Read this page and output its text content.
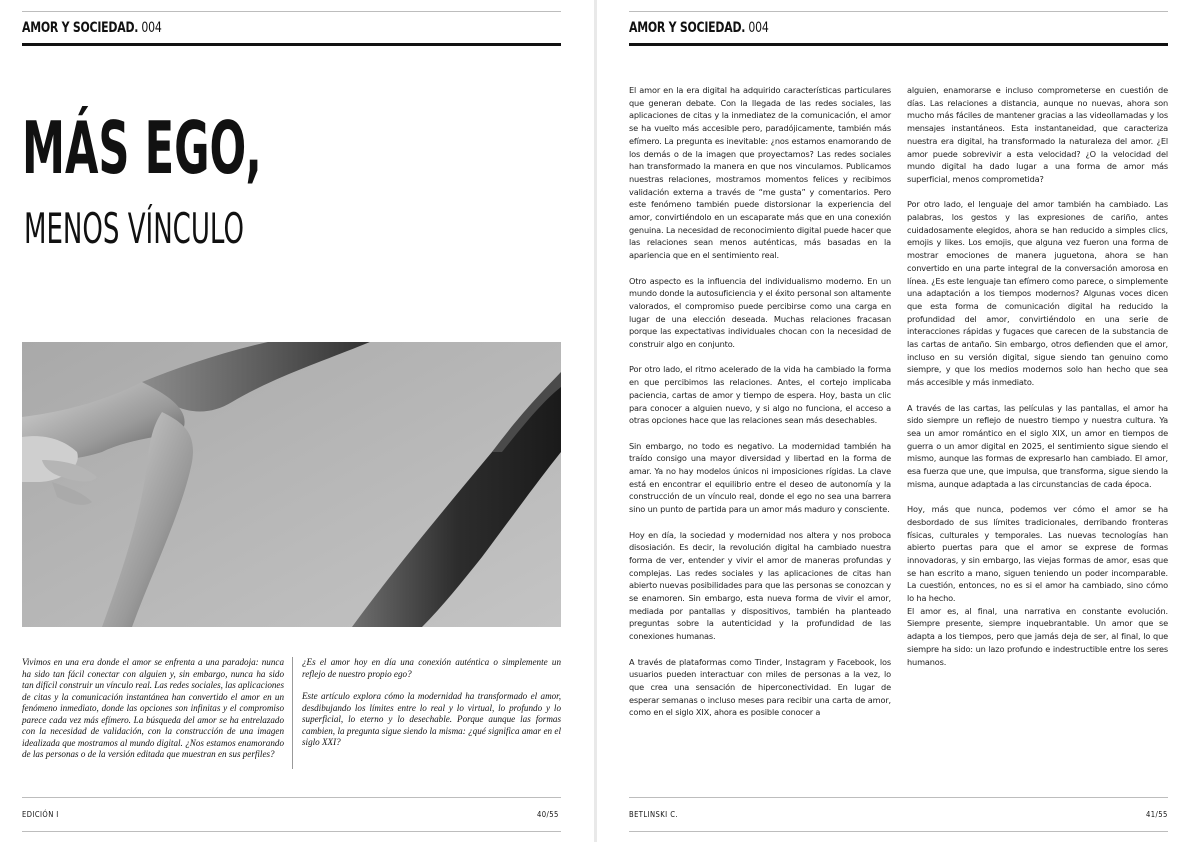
AMOR Y SOCIEDAD. 004
MÁS EGO,
MENOS VÍNCULO

Vivimos en una era donde el amor se enfrenta a una paradoja: nunca ha sido tan fácil conectar con alguien y, sin embargo, nunca ha sido tan difícil construir un vínculo real. Las redes sociales, las aplicaciones de citas y la comunicación instantánea han convertido el amor en un fenómeno inmediato, donde las opciones son infinitas y el compromiso parece cada vez más efímero. La búsqueda del amor se ha entrelazado con la necesidad de validación, con la construcción de una imagen idealizada que mostramos al mundo digital. ¿Nos estamos enamorando de las personas o de la versión editada que muestran en sus perfiles?

¿Es el amor hoy en día una conexión auténtica o simplemente un reflejo de nuestro propio ego?

Este artículo explora cómo la modernidad ha transformado el amor, desdibujando los límites entre lo real y lo virtual, lo profundo y lo superficial, lo eterno y lo desechable. Porque aunque las formas cambien, la pregunta sigue siendo la misma: ¿qué significa amar en el siglo XXI?

EDICIÓN I	40/55
AMOR Y SOCIEDAD. 004

El amor en la era digital ha adquirido características particulares que generan debate. Con la llegada de las redes sociales, las aplicaciones de citas y la inmediatez de la comunicación, el amor se ha vuelto más accesible pero, paradójicamente, también más efímero. La pregunta es inevitable: ¿nos estamos enamorando de los demás o de la imagen que proyectamos? Las redes sociales han transformado la manera en que nos vinculamos. Publicamos nuestras relaciones, mostramos momentos felices y recibimos validación externa a través de “me gusta” y comentarios. Pero este fenómeno también puede distorsionar la experiencia del amor, convirtiéndolo en un escaparate más que en una conexión genuina. La necesidad de reconocimiento digital puede hacer que las relaciones sean menos auténticas, más basadas en la apariencia que en el sentimiento real.

Otro aspecto es la influencia del individualismo moderno. En un mundo donde la autosuficiencia y el éxito personal son altamente valorados, el compromiso puede percibirse como una carga en lugar de una elección deseada. Muchas relaciones fracasan porque las expectativas individuales chocan con la necesidad de construir algo en conjunto.

Por otro lado, el ritmo acelerado de la vida ha cambiado la forma en que percibimos las relaciones. Antes, el cortejo implicaba paciencia, cartas de amor y tiempo de espera. Hoy, basta un clic para conocer a alguien nuevo, y si algo no funciona, el acceso a otras opciones hace que las relaciones sean más desechables.

Sin embargo, no todo es negativo. La modernidad también ha traído consigo una mayor diversidad y libertad en la forma de amar. Ya no hay modelos únicos ni imposiciones rígidas. La clave está en encontrar el equilibrio entre el deseo de autonomía y la construcción de un vínculo real, donde el ego no sea una barrera sino un punto de partida para un amor más maduro y consciente.

Hoy en día, la sociedad y modernidad nos altera y nos proboca disosiación. Es decir, la revolución digital ha cambiado nuestra forma de ver, entender y vivir el amor de maneras profundas y complejas. Las redes sociales y las aplicaciones de citas han abierto nuevas posibilidades para que las personas se conozcan y se enamoren. Sin embargo, esta nueva forma de vivir el amor, mediada por pantallas y dispositivos, también ha planteado preguntas sobre la autenticidad y la profundidad de las conexiones humanas.

A través de plataformas como Tinder, Instagram y Facebook, los usuarios pueden interactuar con miles de personas a la vez, lo que crea una sensación de hiperconectividad. En lugar de esperar semanas o incluso meses para recibir una carta de amor, como en el siglo XIX, ahora es posible conocer a

alguien, enamorarse e incluso comprometerse en cuestión de días. Las relaciones a distancia, aunque no nuevas, ahora son mucho más fáciles de mantener gracias a las videollamadas y los mensajes instantáneos. Esta instantaneidad, que caracteriza nuestra era digital, ha transformado la naturaleza del amor. ¿El amor puede sobrevivir a esta velocidad? ¿O la velocidad del mundo digital ha dado lugar a una forma de amor más superficial, menos comprometida?

Por otro lado, el lenguaje del amor también ha cambiado. Las palabras, los gestos y las expresiones de cariño, antes cuidadosamente elegidos, ahora se han reducido a simples clics, emojis y likes. Los emojis, que alguna vez fueron una forma de mostrar emociones de manera juguetona, ahora se han convertido en una parte integral de la conversación amorosa en línea. ¿Es este lenguaje tan efímero como parece, o simplemente una adaptación a los tiempos modernos? Algunas voces dicen que esta forma de comunicación digital ha reducido la profundidad del amor, convirtiéndolo en una serie de interacciones rápidas y fugaces que carecen de la substancia de las cartas de antaño. Sin embargo, otros defienden que el amor, incluso en su versión digital, sigue siendo tan genuino como siempre, y que los medios modernos solo han hecho que sea más accesible y más inmediato.

A través de las cartas, las películas y las pantallas, el amor ha sido siempre un reflejo de nuestro tiempo y nuestra cultura. Ya sea un amor romántico en el siglo XIX, un amor en tiempos de guerra o un amor digital en 2025, el sentimiento sigue siendo el mismo, aunque las formas de expresarlo han cambiado. El amor, esa fuerza que une, que impulsa, que transforma, sigue siendo la misma, aunque adaptada a las circunstancias de cada época.

Hoy, más que nunca, podemos ver cómo el amor se ha desbordado de sus límites tradicionales, derribando fronteras físicas, culturales y temporales. Las nuevas tecnologías han abierto puertas para que el amor se exprese de formas innovadoras, y sin embargo, las viejas formas de amor, esas que se han escrito a mano, siguen teniendo un poder incomparable. La cuestión, entonces, no es si el amor ha cambiado, sino cómo lo ha hecho.

El amor es, al final, una narrativa en constante evolución. Siempre presente, siempre inquebrantable. Un amor que se adapta a los tiempos, pero que jamás deja de ser, al final, lo que siempre ha sido: un lazo profundo e indestructible entre los seres humanos.

BETLINSKI C.	41/55
